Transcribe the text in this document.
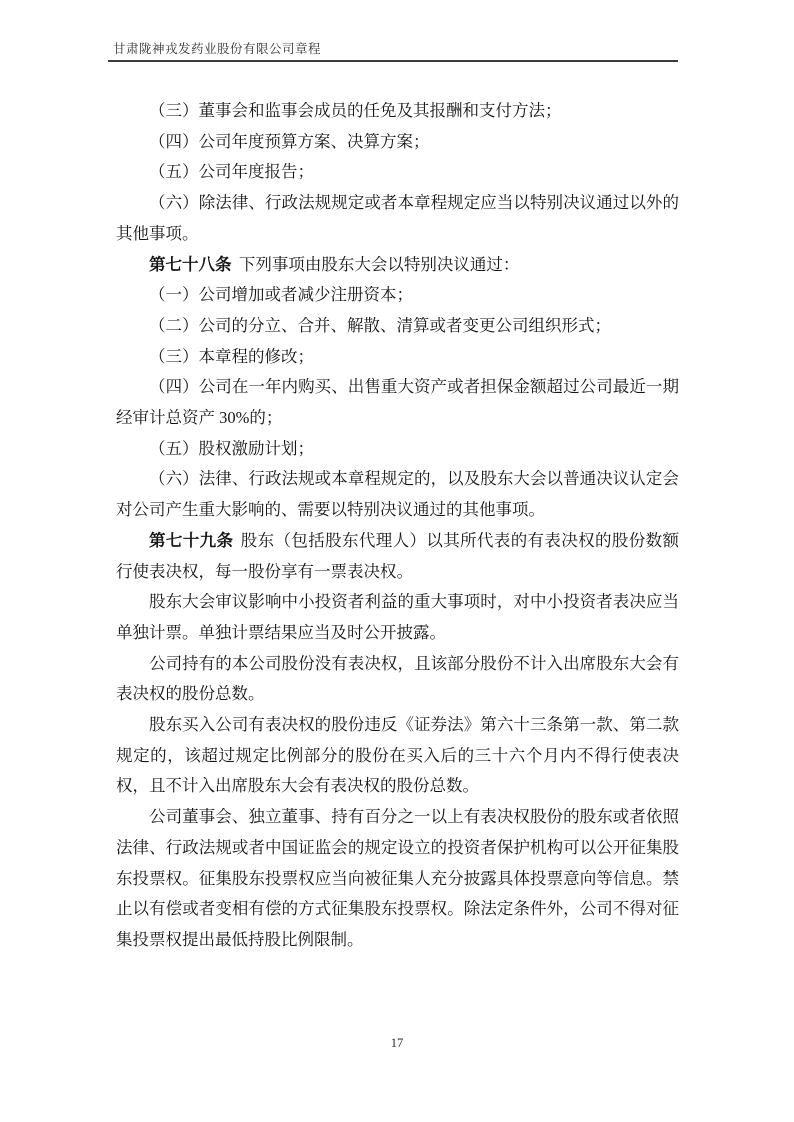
甘肃陇神戎发药业股份有限公司章程

（三）董事会和监事会成员的任免及其报酬和支付方法；

（四）公司年度预算方案、决算方案；

（五）公司年度报告；

（六）除法律、行政法规规定或者本章程规定应当以特别决议通过以外的其他事项。

第七十八条 下列事项由股东大会以特别决议通过：

（一）公司增加或者减少注册资本；

（二）公司的分立、合并、解散、清算或者变更公司组织形式；

（三）本章程的修改；

（四）公司在一年内购买、出售重大资产或者担保金额超过公司最近一期经审计总资产 30%的；

（五）股权激励计划；

（六）法律、行政法规或本章程规定的，以及股东大会以普通决议认定会对公司产生重大影响的、需要以特别决议通过的其他事项。

第七十九条 股东（包括股东代理人）以其所代表的有表决权的股份数额行使表决权，每一股份享有一票表决权。

股东大会审议影响中小投资者利益的重大事项时，对中小投资者表决应当单独计票。单独计票结果应当及时公开披露。

公司持有的本公司股份没有表决权，且该部分股份不计入出席股东大会有表决权的股份总数。

股东买入公司有表决权的股份违反《证券法》第六十三条第一款、第二款规定的，该超过规定比例部分的股份在买入后的三十六个月内不得行使表决权，且不计入出席股东大会有表决权的股份总数。

公司董事会、独立董事、持有百分之一以上有表决权股份的股东或者依照法律、行政法规或者中国证监会的规定设立的投资者保护机构可以公开征集股东投票权。征集股东投票权应当向被征集人充分披露具体投票意向等信息。禁止以有偿或者变相有偿的方式征集股东投票权。除法定条件外，公司不得对征集投票权提出最低持股比例限制。

17
